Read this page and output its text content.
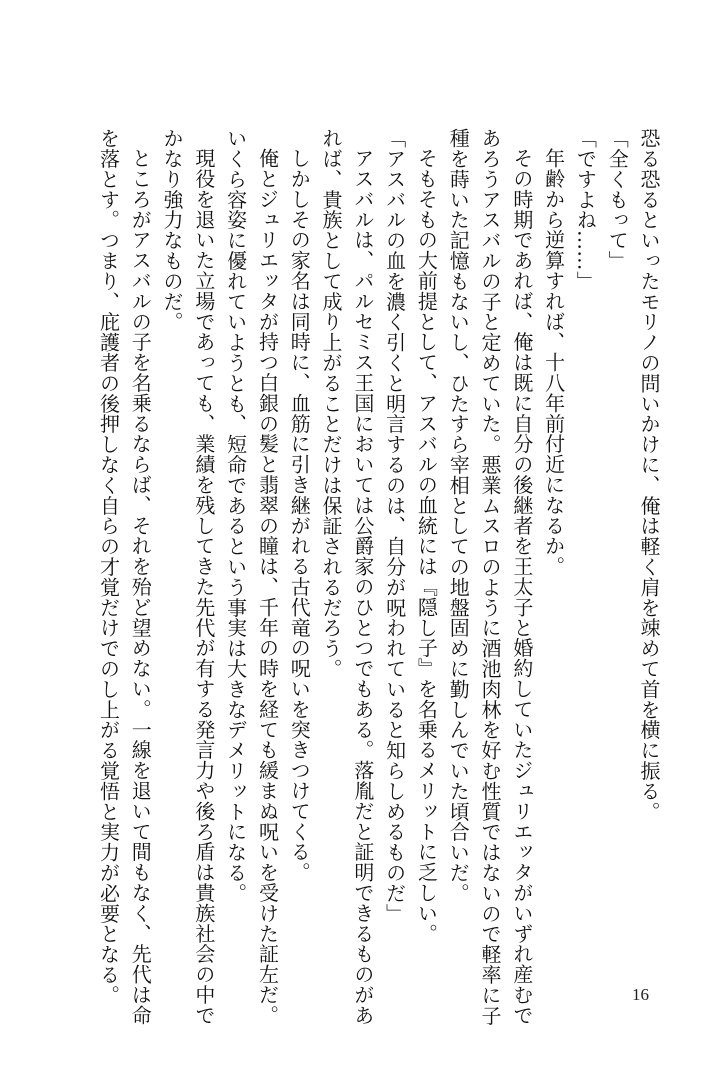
恐る恐るといったモリノの問いかけに、俺は軽く肩を竦めて首を横に振る。

「全くもって」

「ですよね……」

年齢から逆算すれば、十八年前付近になるか。

その時期であれば、俺は既に自分の後継者を王太子と婚約していたジュリエッタがいずれ産むで

あろうアスバルの子と定めていた。悪業ムスロのように酒池肉林を好む性質ではないので軽率に子

種を蒔いた記憶もないし、ひたすら宰相としての地盤固めに勤しんでいた頃合いだ。

そもそもの大前提として、アスバルの血統には『隠し子』を名乗るメリットに乏しい。

「アスバルの血を濃く引くと明言するのは、自分が呪われていると知らしめるものだ」

アスバルは、パルセミス王国においては公爵家のひとつでもある。落胤だと証明できるものがあ

れば、貴族として成り上がることだけは保証されるだろう。

しかしその家名は同時に、血筋に引き継がれる古代竜の呪いを突きつけてくる。

俺とジュリエッタが持つ白銀の髪と翡翠の瞳は、千年の時を経ても緩まぬ呪いを受けた証左だ。

いくら容姿に優れていようとも、短命であるという事実は大きなデメリットになる。

現役を退いた立場であっても、業績を残してきた先代が有する発言力や後ろ盾は貴族社会の中で

かなり強力なものだ。

ところがアスバルの子を名乗るならば、それを殆ど望めない。一線を退いて間もなく、先代は命

を落とす。つまり、庇護者の後押しなく自らの才覚だけでのし上がる覚悟と実力が必要となる。	16
